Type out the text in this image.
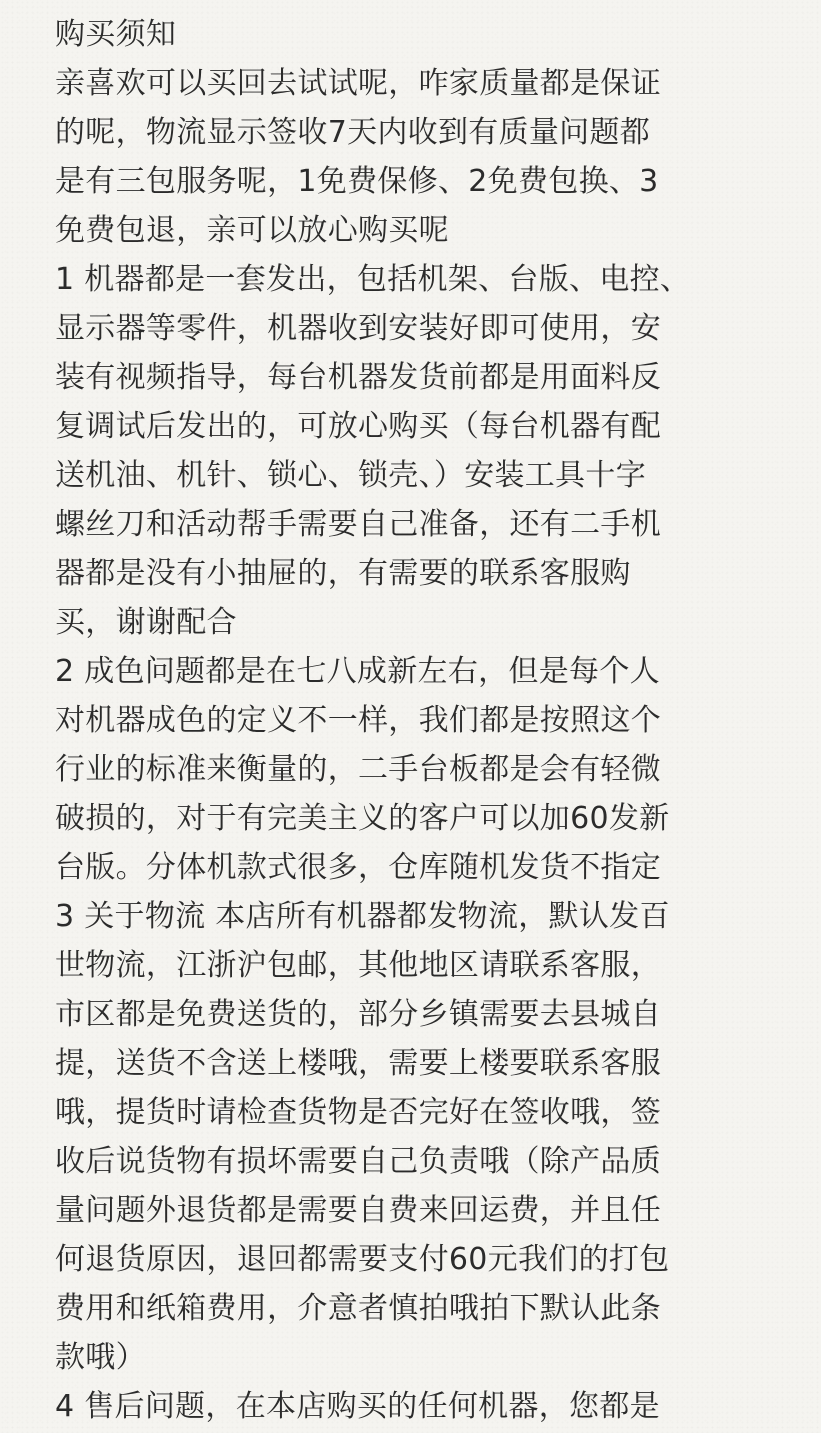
购买须知
亲喜欢可以买回去试试呢，咋家质量都是保证
的呢，物流显示签收7天内收到有质量问题都
是有三包服务呢，1免费保修、2免费包换、3
免费包退，亲可以放心购买呢
1 机器都是一套发出，包括机架、台版、电控、
显示器等零件，机器收到安装好即可使用，安
装有视频指导，每台机器发货前都是用面料反
复调试后发出的，可放心购买（每台机器有配
送机油、机针、锁心、锁壳、）安装工具十字
螺丝刀和活动帮手需要自己准备，还有二手机
器都是没有小抽屉的，有需要的联系客服购
买，谢谢配合
2 成色问题都是在七八成新左右，但是每个人
对机器成色的定义不一样，我们都是按照这个
行业的标准来衡量的，二手台板都是会有轻微
破损的，对于有完美主义的客户可以加60发新
台版。分体机款式很多，仓库随机发货不指定
3 关于物流 本店所有机器都发物流，默认发百
世物流，江浙沪包邮，其他地区请联系客服，
市区都是免费送货的，部分乡镇需要去县城自
提，送货不含送上楼哦，需要上楼要联系客服
哦，提货时请检查货物是否完好在签收哦，签
收后说货物有损坏需要自己负责哦（除产品质
量问题外退货都是需要自费来回运费，并且任
何退货原因，退回都需要支付60元我们的打包
费用和纸箱费用，介意者慎拍哦拍下默认此条
款哦）
4 售后问题，在本店购买的任何机器，您都是
